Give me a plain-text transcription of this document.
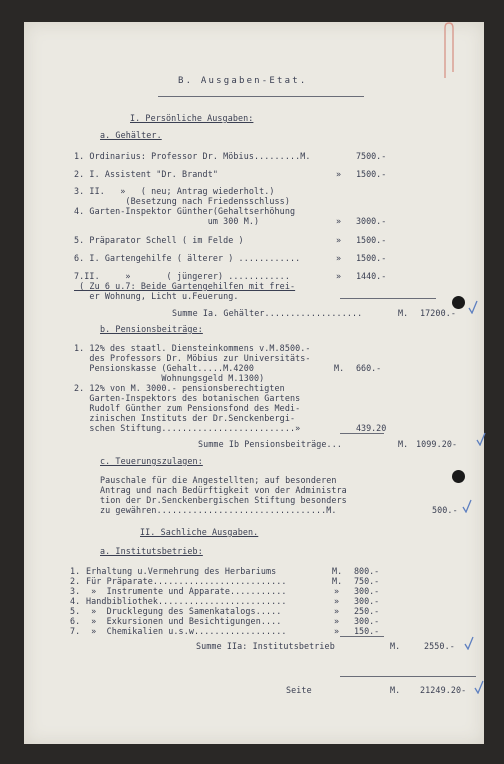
B. Ausgaben-Etat.
I. Persönliche Ausgaben:
a. Gehälter.
1. Ordinarius: Professor Dr. Möbius.........M.	7500.-
2. I. Assistent "Dr. Brandt"	» 1500.-
3. II.   »   ( neu; Antrag wiederholt.)
(Besetzung nach Friedensschluss)
4. Garten-Inspektor Günther(Gehaltserhöhung
um 300 M.)	» 3000.-
5. Präparator Schell ( im Felde )	» 1500.-
6. I. Gartengehilfe ( älterer ) ............	» 1500.-
7.II.     »       ( jüngerer) ............	» 1440.-
( Zu 6 u.7: Beide Gartengehilfen mit frei-
er Wohnung, Licht u.Feuerung.
Summe Ia. Gehälter...................	M. 17200.-
b. Pensionsbeiträge:
1. 12% des staatl. Diensteinkommens v.M.8500.-
des Professors Dr. Möbius zur Universitäts-
Pensionskasse (Gehalt.....M.4200	M. 660.-
Wohnungsgeld M.1300)
2. 12% von M. 3000.- pensionsberechtigten
Garten-Inspektors des botanischen Gartens
Rudolf Günther zum Pensionsfond des Medi-
zinischen Instituts der Dr.Senckenbergi-
schen Stiftung..........................»	439.20
Summe Ib Pensionsbeiträge...	M. 1099.20-
c. Teuerungszulagen:
Pauschale für die Angestellten; auf besonderen
Antrag und nach Bedürftigkeit von der Administra
tion der Dr.Senckenbergischen Stiftung besonders
zu gewähren.................................M.	500.-
II. Sachliche Ausgaben.
a. Institutsbetrieb:
1. Erhaltung u.Vermehrung des Herbariums	M. 800.-
2. Für Präparate..........................	M. 750.-
3. »  Instrumente und Apparate...........	» 300.-
4. Handbibliothek.........................	» 300.-
5. »  Drucklegung des Samenkatalogs.....	» 250.-
6. »  Exkursionen und Besichtigungen....	» 300.-
7. »  Chemikalien u.s.w..................	» 150.-
Summe IIa: Institutsbetrieb	M.	2550.-
Seite	M. 21249.20-
